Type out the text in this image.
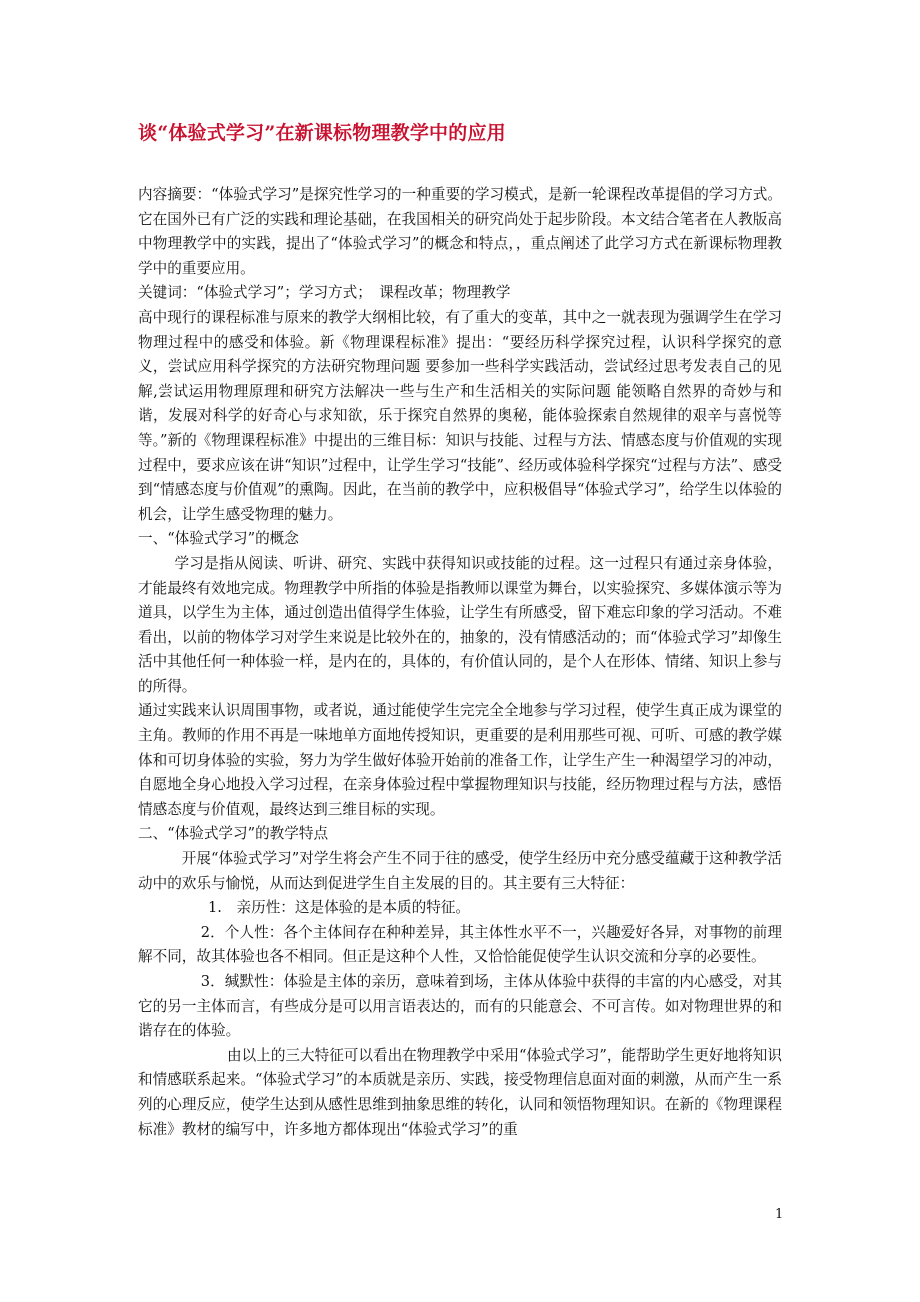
谈“体验式学习”在新课标物理教学中的应用

内容摘要：“体验式学习”是探究性学习的一种重要的学习模式，是新一轮课程改革提倡的学习方式。它在国外已有广泛的实践和理论基础，在我国相关的研究尚处于起步阶段。本文结合笔者在人教版高中物理教学中的实践，提出了“体验式学习”的概念和特点，，重点阐述了此学习方式在新课标物理教学中的重要应用。

关键词：“体验式学习”；学习方式；　课程改革；物理教学

高中现行的课程标准与原来的教学大纲相比较，有了重大的变革，其中之一就表现为强调学生在学习物理过程中的感受和体验。新《物理课程标准》提出：“要经历科学探究过程，认识科学探究的意义，尝试应用科学探究的方法研究物理问题 要参加一些科学实践活动，尝试经过思考发表自己的见解,尝试运用物理原理和研究方法解决一些与生产和生活相关的实际问题 能领略自然界的奇妙与和谐，发展对科学的好奇心与求知欲，乐于探究自然界的奥秘，能体验探索自然规律的艰辛与喜悦等等。”新的《物理课程标准》中提出的三维目标：知识与技能、过程与方法、情感态度与价值观的实现过程中，要求应该在讲“知识”过程中，让学生学习“技能”、经历或体验科学探究“过程与方法”、感受到“情感态度与价值观”的熏陶。因此，在当前的教学中，应积极倡导“体验式学习”，给学生以体验的机会，让学生感受物理的魅力。

一、“体验式学习”的概念

学习是指从阅读、听讲、研究、实践中获得知识或技能的过程。这一过程只有通过亲身体验，才能最终有效地完成。物理教学中所指的体验是指教师以课堂为舞台，以实验探究、多媒体演示等为道具，以学生为主体，通过创造出值得学生体验，让学生有所感受，留下难忘印象的学习活动。不难看出，以前的物体学习对学生来说是比较外在的，抽象的，没有情感活动的；而“体验式学习”却像生活中其他任何一种体验一样，是内在的，具体的，有价值认同的，是个人在形体、情绪、知识上参与的所得。

通过实践来认识周围事物，或者说，通过能使学生完完全全地参与学习过程，使学生真正成为课堂的主角。教师的作用不再是一味地单方面地传授知识，更重要的是利用那些可视、可听、可感的教学媒体和可切身体验的实验，努力为学生做好体验开始前的准备工作，让学生产生一种渴望学习的冲动，自愿地全身心地投入学习过程，在亲身体验过程中掌握物理知识与技能，经历物理过程与方法，感悟情感态度与价值观，最终达到三维目标的实现。

二、“体验式学习”的教学特点

开展“体验式学习”对学生将会产生不同于往的感受，使学生经历中充分感受蕴藏于这种教学活动中的欢乐与愉悦，从而达到促进学生自主发展的目的。其主要有三大特征：

1.　亲历性：这是体验的是本质的特征。

2．个人性：各个主体间存在种种差异，其主体性水平不一，兴趣爱好各异，对事物的前理解不同，故其体验也各不相同。但正是这种个人性，又恰恰能促使学生认识交流和分享的必要性。

3．缄默性：体验是主体的亲历，意味着到场，主体从体验中获得的丰富的内心感受，对其它的另一主体而言，有些成分是可以用言语表达的，而有的只能意会、不可言传。如对物理世界的和谐存在的体验。

由以上的三大特征可以看出在物理教学中采用“体验式学习”，能帮助学生更好地将知识和情感联系起来。“体验式学习”的本质就是亲历、实践，接受物理信息面对面的刺激，从而产生一系列的心理反应，使学生达到从感性思维到抽象思维的转化，认同和领悟物理知识。在新的《物理课程标准》教材的编写中，许多地方都体现出“体验式学习”的重

1
